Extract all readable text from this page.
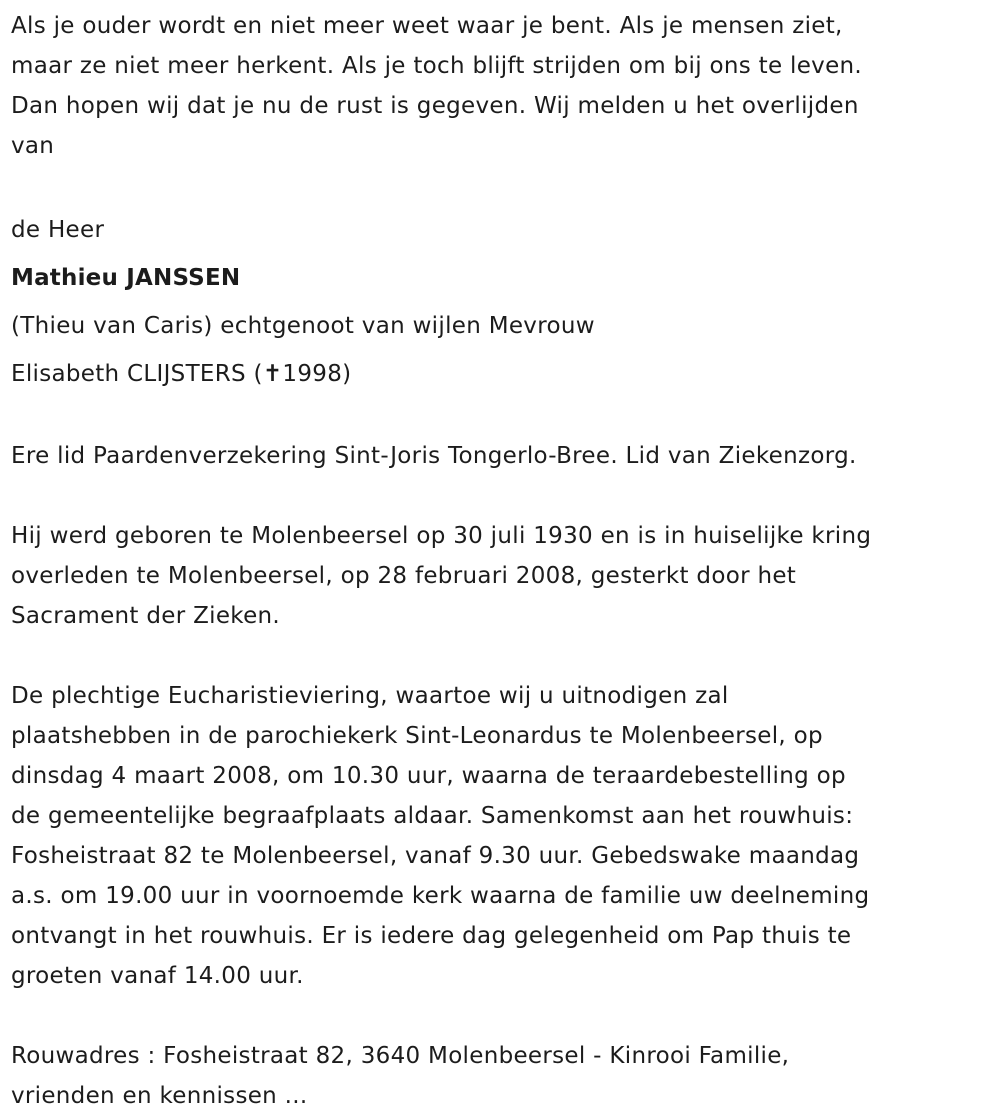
Als je ouder wordt en niet meer weet waar je bent. Als je mensen ziet,
maar ze niet meer herkent. Als je toch blijft strijden om bij ons te leven.
Dan hopen wij dat je nu de rust is gegeven. Wij melden u het overlijden
van

de Heer

Mathieu JANSSEN

(Thieu van Caris) echtgenoot van wijlen Mevrouw

Elisabeth CLIJSTERS (✝1998)

Ere lid Paardenverzekering Sint-Joris Tongerlo-Bree. Lid van Ziekenzorg.

Hij werd geboren te Molenbeersel op 30 juli 1930 en is in huiselijke kring
overleden te Molenbeersel, op 28 februari 2008, gesterkt door het
Sacrament der Zieken.

De plechtige Eucharistieviering, waartoe wij u uitnodigen zal
plaatshebben in de parochiekerk Sint-Leonardus te Molenbeersel, op
dinsdag 4 maart 2008, om 10.30 uur, waarna de teraardebestelling op
de gemeentelijke begraafplaats aldaar. Samenkomst aan het rouwhuis:
Fosheistraat 82 te Molenbeersel, vanaf 9.30 uur. Gebedswake maandag
a.s. om 19.00 uur in voornoemde kerk waarna de familie uw deelneming
ontvangt in het rouwhuis. Er is iedere dag gelegenheid om Pap thuis te
groeten vanaf 14.00 uur.

Rouwadres : Fosheistraat 82, 3640 Molenbeersel - Kinrooi Familie,
vrienden en kennissen ...
